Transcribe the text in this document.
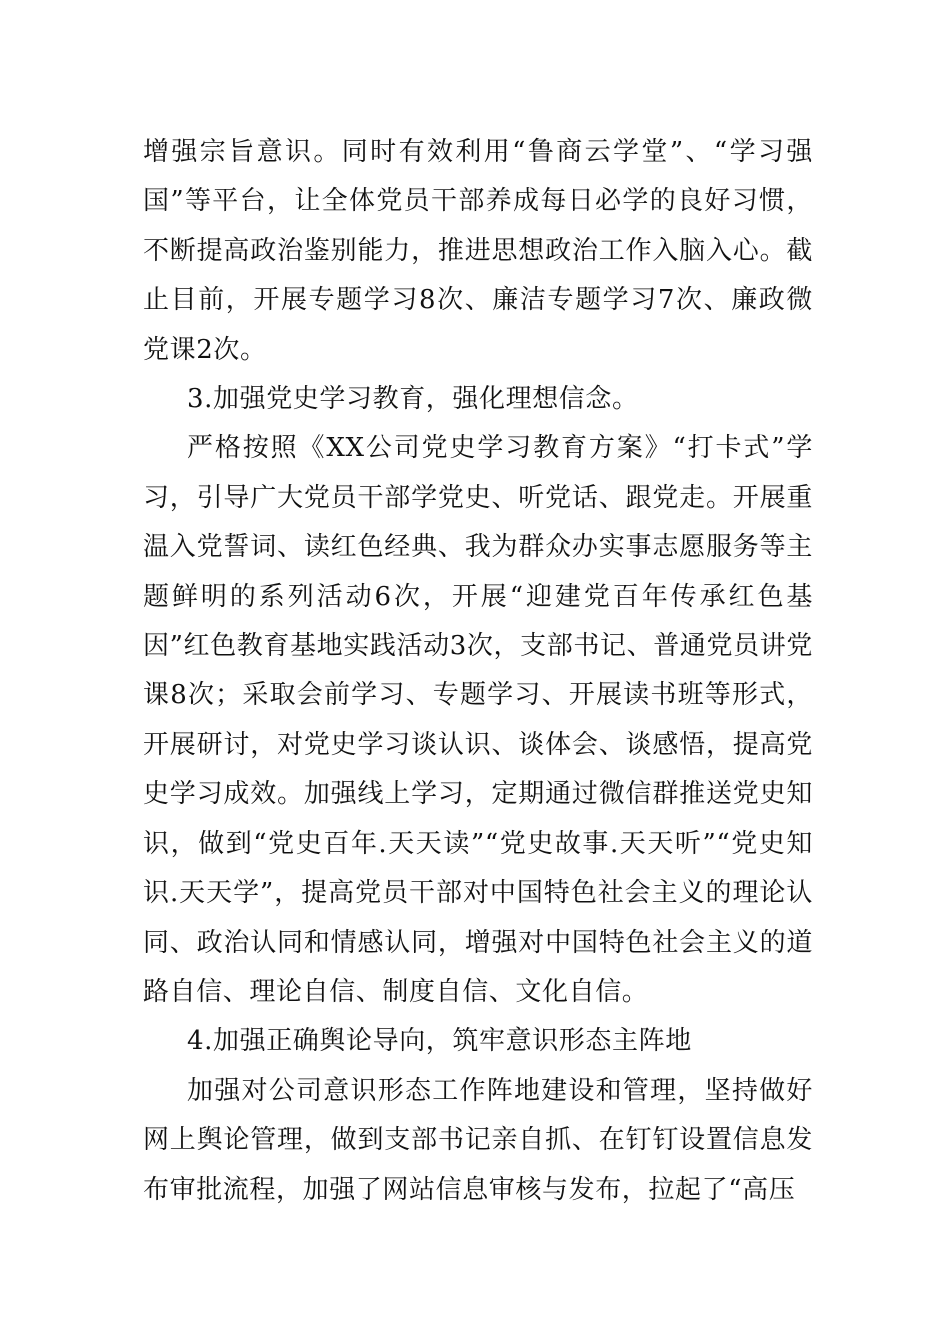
增强宗旨意识。同时有效利用“鲁商云学堂”、“学习强国”等平台，让全体党员干部养成每日必学的良好习惯，不断提高政治鉴别能力，推进思想政治工作入脑入心。截止目前，开展专题学习8次、廉洁专题学习7次、廉政微党课2次。

3.加强党史学习教育，强化理想信念。

严格按照《XX公司党史学习教育方案》“打卡式”学习，引导广大党员干部学党史、听党话、跟党走。开展重温入党誓词、读红色经典、我为群众办实事志愿服务等主题鲜明的系列活动6次，开展“迎建党百年传承红色基因”红色教育基地实践活动3次，支部书记、普通党员讲党课8次；采取会前学习、专题学习、开展读书班等形式，开展研讨，对党史学习谈认识、谈体会、谈感悟，提高党史学习成效。加强线上学习，定期通过微信群推送党史知识，做到“党史百年.天天读”“党史故事.天天听”“党史知识.天天学”，提高党员干部对中国特色社会主义的理论认同、政治认同和情感认同，增强对中国特色社会主义的道路自信、理论自信、制度自信、文化自信。

4.加强正确舆论导向，筑牢意识形态主阵地

加强对公司意识形态工作阵地建设和管理，坚持做好网上舆论管理，做到支部书记亲自抓、在钉钉设置信息发布审批流程，加强了网站信息审核与发布，拉起了“高压
